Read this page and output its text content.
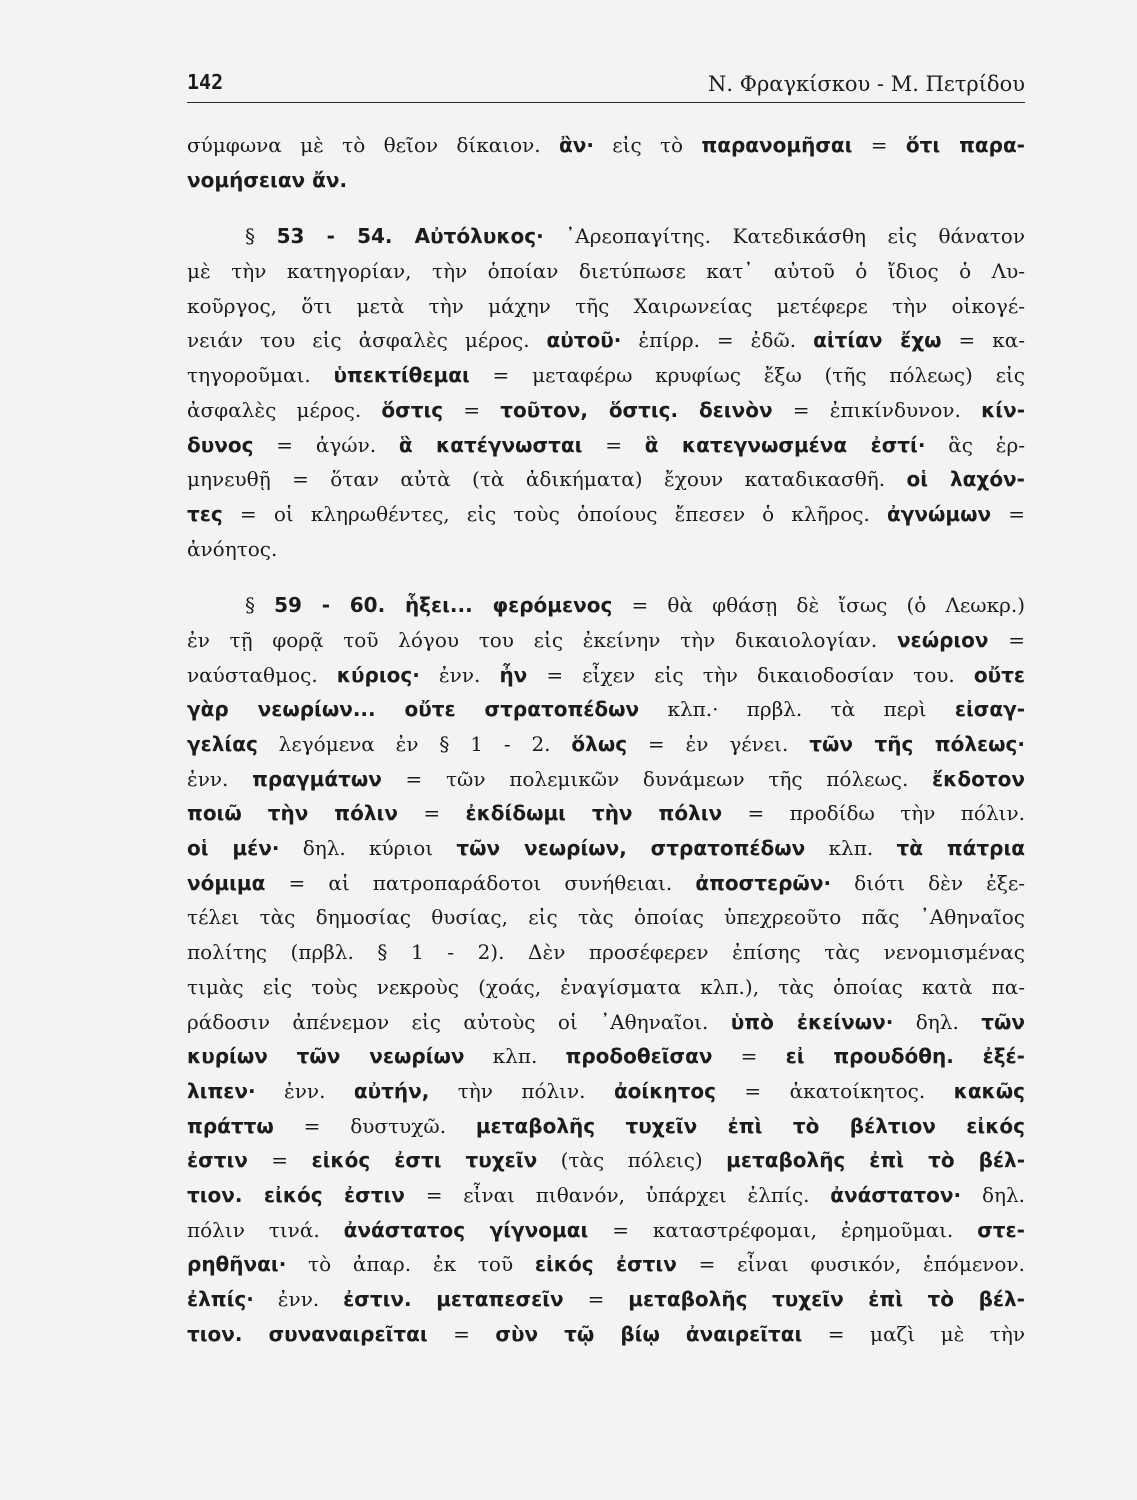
142	Ν. Φραγκίσκου - Μ. Πετρίδου
σύμφωνα μὲ τὸ θεῖον δίκαιον. ἂν· εἰς τὸ παρανομῆσαι = ὅτι παρα-
νομήσειαν ἄν.
§ 53 - 54. Αὐτόλυκος· ᾿Αρεοπαγίτης. Κατεδικάσθη εἰς θάνατον
μὲ τὴν κατηγορίαν, τὴν ὁποίαν διετύπωσε κατ᾿ αὐτοῦ ὁ ἴδιος ὁ Λυ-
κοῦργος, ὅτι μετὰ τὴν μάχην τῆς Χαιρωνείας μετέφερε τὴν οἰκογέ-
νειάν του εἰς ἀσφαλὲς μέρος. αὐτοῦ· ἐπίρρ. = ἐδῶ. αἰτίαν ἔχω = κα-
τηγοροῦμαι. ὑπεκτίθεμαι = μεταφέρω κρυφίως ἔξω (τῆς πόλεως) εἰς
ἀσφαλὲς μέρος. ὅστις = τοῦτον, ὅστις. δεινὸν = ἐπικίνδυνον. κίν-
δυνος = ἀγών. ἃ κατέγνωσται = ἃ κατεγνωσμένα ἐστί· ἃς ἑρ-
μηνευθῇ = ὅταν αὐτὰ (τὰ ἀδικήματα) ἔχουν καταδικασθῆ. οἱ λαχόν-
τες = οἱ κληρωθέντες, εἰς τοὺς ὁποίους ἔπεσεν ὁ κλῆρος. ἀγνώμων =
ἀνόητος.
§ 59 - 60. ἧξει... φερόμενος = θὰ φθάσῃ δὲ ἴσως (ὁ Λεωκρ.)
ἐν τῇ φορᾷ τοῦ λόγου του εἰς ἐκείνην τὴν δικαιολογίαν. νεώριον =
ναύσταθμος. κύριος· ἐνν. ἦν = εἶχεν εἰς τὴν δικαιοδοσίαν του. οὔτε
γὰρ νεωρίων... οὔτε στρατοπέδων κλπ.· πρβλ. τὰ περὶ εἰσαγ-
γελίας λεγόμενα ἐν § 1 - 2. ὅλως = ἐν γένει. τῶν τῆς πόλεως·
ἐνν. πραγμάτων = τῶν πολεμικῶν δυνάμεων τῆς πόλεως. ἔκδοτον
ποιῶ τὴν πόλιν = ἐκδίδωμι τὴν πόλιν = προδίδω τὴν πόλιν.
οἱ μέν· δηλ. κύριοι τῶν νεωρίων, στρατοπέδων κλπ. τὰ πάτρια
νόμιμα = αἱ πατροπαράδοτοι συνήθειαι. ἀποστερῶν· διότι δὲν ἐξε-
τέλει τὰς δημοσίας θυσίας, εἰς τὰς ὁποίας ὑπεχρεοῦτο πᾶς ᾿Αθηναῖος
πολίτης (πρβλ. § 1 - 2). Δὲν προσέφερεν ἐπίσης τὰς νενομισμένας
τιμὰς εἰς τοὺς νεκροὺς (χοάς, ἐναγίσματα κλπ.), τὰς ὁποίας κατὰ πα-
ράδοσιν ἀπένεμον εἰς αὐτοὺς οἱ ᾿Αθηναῖοι. ὑπὸ ἐκείνων· δηλ. τῶν
κυρίων τῶν νεωρίων κλπ. προδοθεῖσαν = εἰ προυδόθη. ἐξέ-
λιπεν· ἐνν. αὐτήν, τὴν πόλιν. ἀοίκητος = ἀκατοίκητος. κακῶς
πράττω = δυστυχῶ. μεταβολῆς τυχεῖν ἐπὶ τὸ βέλτιον εἰκός
ἐστιν = εἰκός ἐστι τυχεῖν (τὰς πόλεις) μεταβολῆς ἐπὶ τὸ βέλ-
τιον. εἰκός ἐστιν = εἶναι πιθανόν, ὑπάρχει ἐλπίς. ἀνάστατον· δηλ.
πόλιν τινά. ἀνάστατος γίγνομαι = καταστρέφομαι, ἐρημοῦμαι. στε-
ρηθῆναι· τὸ ἀπαρ. ἐκ τοῦ εἰκός ἐστιν = εἶναι φυσικόν, ἑπόμενον.
ἐλπίς· ἐνν. ἐστιν. μεταπεσεῖν = μεταβολῆς τυχεῖν ἐπὶ τὸ βέλ-
τιον. συναναιρεῖται = σὺν τῷ βίῳ ἀναιρεῖται = μαζὶ μὲ τὴν
